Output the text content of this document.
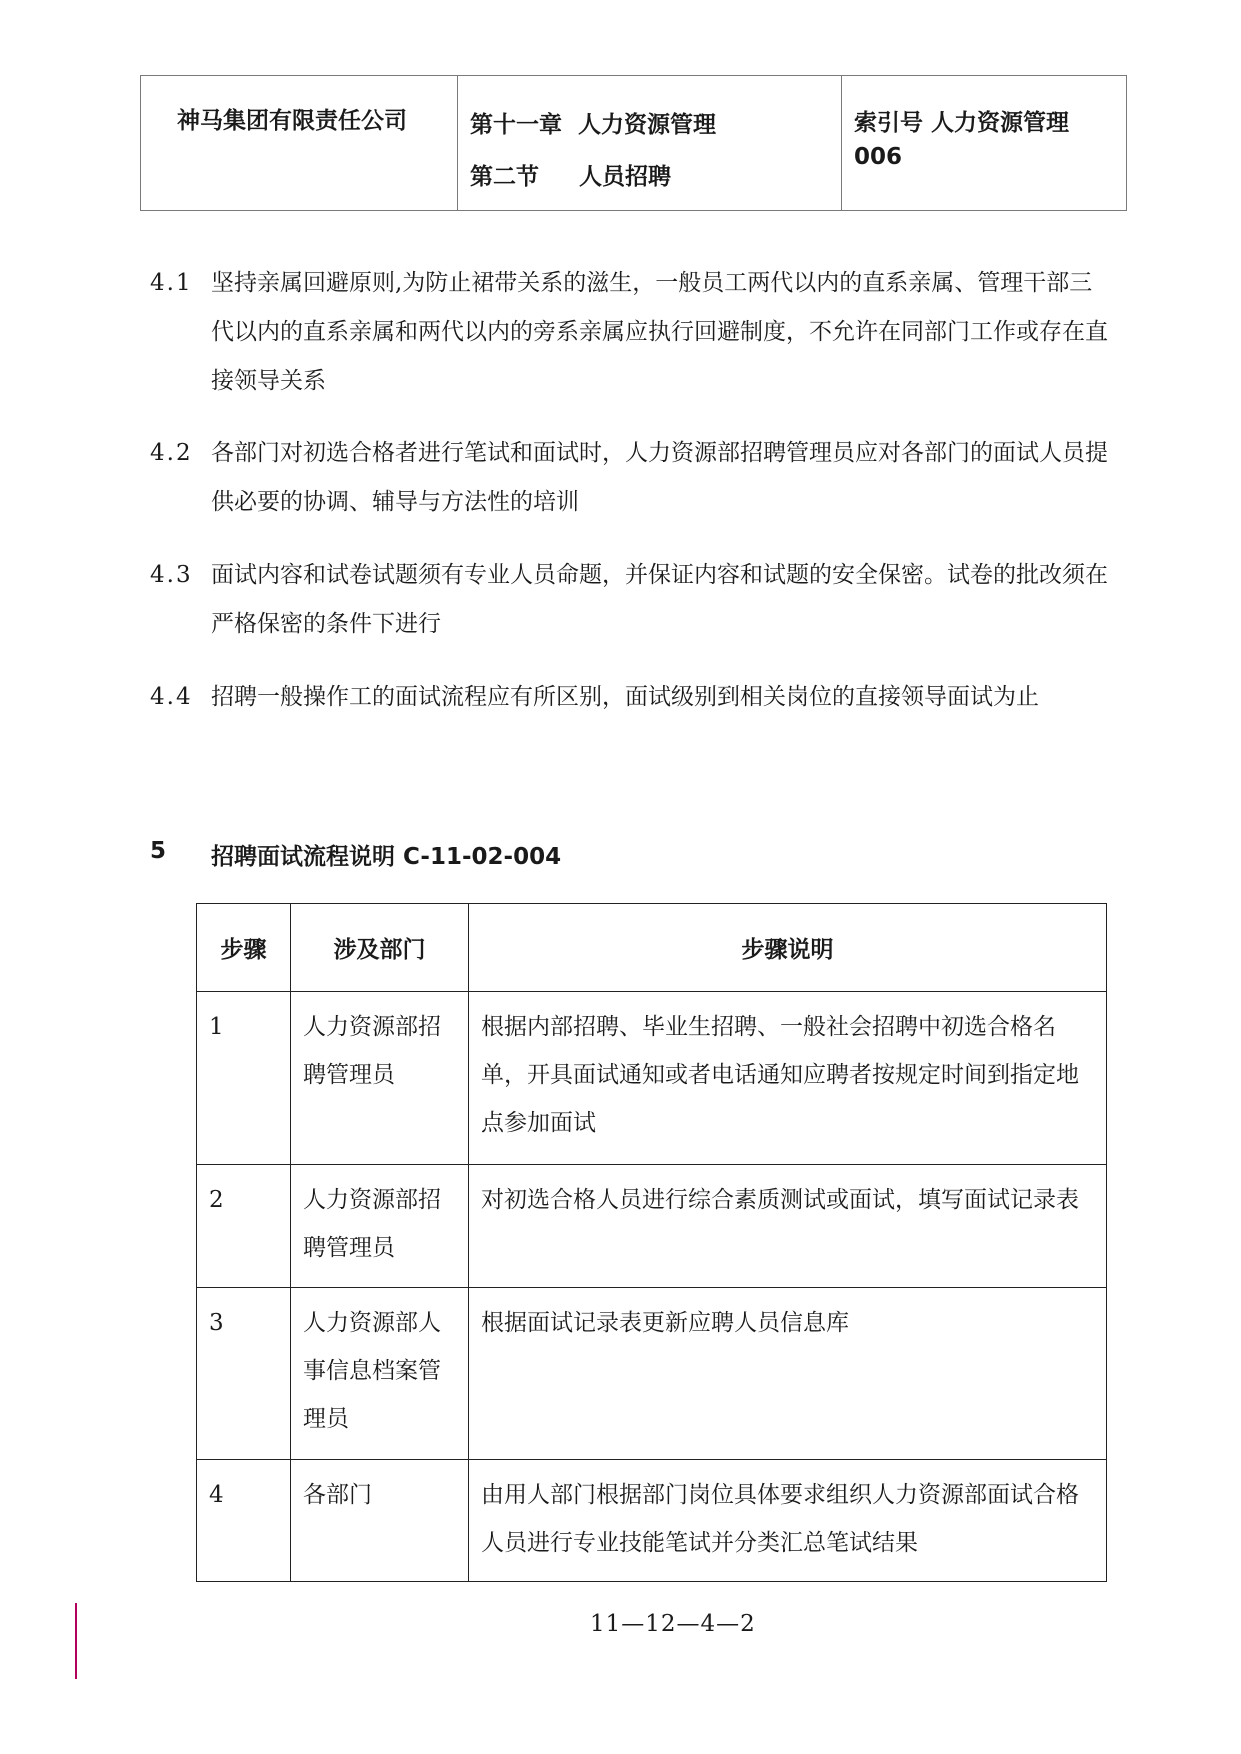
神马集团有限责任公司	第十一章  人力资源管理
第二节     人员招聘

索引号 人力资源管理
006
4.1 坚持亲属回避原则,为防止裙带关系的滋生，一般员工两代以内的直系亲属、管理干部三代以内的直系亲属和两代以内的旁系亲属应执行回避制度，不允许在同部门工作或存在直接领导关系
4.2 各部门对初选合格者进行笔试和面试时，人力资源部招聘管理员应对各部门的面试人员提供必要的协调、辅导与方法性的培训
4.3 面试内容和试卷试题须有专业人员命题，并保证内容和试题的安全保密。试卷的批改须在严格保密的条件下进行
4.4 招聘一般操作工的面试流程应有所区别，面试级别到相关岗位的直接领导面试为止
5 招聘面试流程说明 C-11-02-004
步骤	涉及部门	步骤说明
1	人力资源部招聘管理员	根据内部招聘、毕业生招聘、一般社会招聘中初选合格名单，开具面试通知或者电话通知应聘者按规定时间到指定地点参加面试
2	人力资源部招聘管理员	对初选合格人员进行综合素质测试或面试，填写面试记录表
3	人力资源部人事信息档案管理员	根据面试记录表更新应聘人员信息库
4	各部门	由用人部门根据部门岗位具体要求组织人力资源部面试合格人员进行专业技能笔试并分类汇总笔试结果
11—12—4—2
